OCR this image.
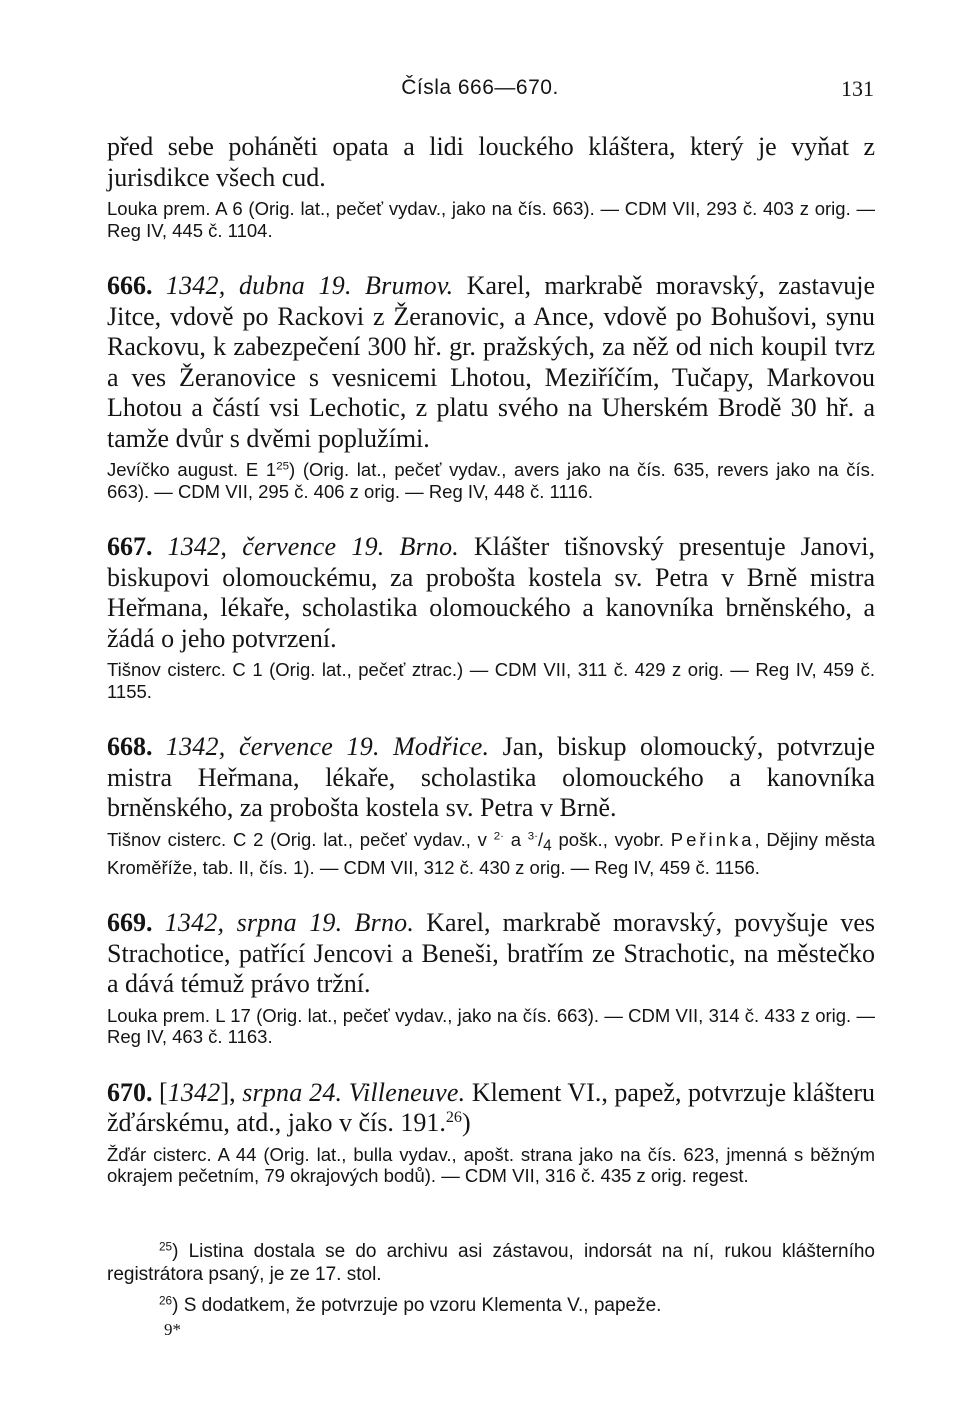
Čísla 666—670.	131

před sebe poháněti opata a lidi louckého kláštera, který je vyňat z jurisdikce všech cud.

Louka prem. A 6 (Orig. lat., pečeť vydav., jako na čís. 663). — CDM VII, 293 č. 403 z orig. — Reg IV, 445 č. 1104.

666. 1342, dubna 19. Brumov. Karel, markrabě moravský, zastavuje Jitce, vdově po Rackovi z Žeranovic, a Ance, vdově po Bohušovi, synu Rackovu, k zabezpečení 300 hř. gr. pražských, za něž od nich koupil tvrz a ves Žeranovice s vesnicemi Lhotou, Meziříčím, Tučapy, Markovou Lhotou a částí vsi Lechotic, z platu svého na Uherském Brodě 30 hř. a tamže dvůr s dvěmi poplužími.

Jevíčko august. E $1^{25}$) (Orig. lat., pečeť vydav., avers jako na čís. 635, revers jako na čís. 663). — CDM VII, 295 č. 406 z orig. — Reg IV, 448 č. 1116.

667. 1342, července 19. Brno. Klášter tišnovský presentuje Janovi, biskupovi olomouckému, za proboštа kostela sv. Petra v Brně mistra Heřmana, lékaře, scholastika olomouckého a kanovníka brněnského, a žádá o jeho potvrzení.

Tišnov cisterc. C 1 (Orig. lat., pečeť ztrac.) — CDM VII, 311 č. 429 z orig. — Reg IV, 459 č. 1155.

668. 1342, července 19. Modřice. Jan, biskup olomoucký, potvrzuje mistra Heřmana, lékaře, scholastika olomouckého a kanovníka brněnského, za probošta kostela sv. Petra v Brně.

Tišnov cisterc. C 2 (Orig. lat., pečeť vydav., v $^{2\cdot}$ a $^{3\cdot}/_4$ pošk., vyobr. Peřinka, Dějiny města Kroměříže, tab. II, čís. 1). — CDM VII, 312 č. 430 z orig. — Reg IV, 459 č. 1156.

669. 1342, srpna 19. Brno. Karel, markrabě moravský, povyšuje ves Strachotice, patřící Jencovi a Beneši, bratřím ze Strachotic, na městečko a dává témuž právo tržní.

Louka prem. L 17 (Orig. lat., pečeť vydav., jako na čís. 663). — CDM VII, 314 č. 433 z orig. — Reg IV, 463 č. 1163.

670. [1342], srpna 24. Villeneuve. Klement VI., papež, potvrzuje klášteru žďárskému, atd., jako v čís. 191.26)

Žďár cisterc. A 44 (Orig. lat., bulla vydav., apošt. strana jako na čís. 623, jmenná s běžným okrajem pečetním, 79 okrajových bodů). — CDM VII, 316 č. 435 z orig. regest.

$^{25}$) Listina dostala se do archivu asi zástavou, indorsát na ní, rukou klášterního registrátora psaný, je ze 17. stol.

$^{26}$) S dodatkem, že potvrzuje po vzoru Klementa V., papeže.

9*
